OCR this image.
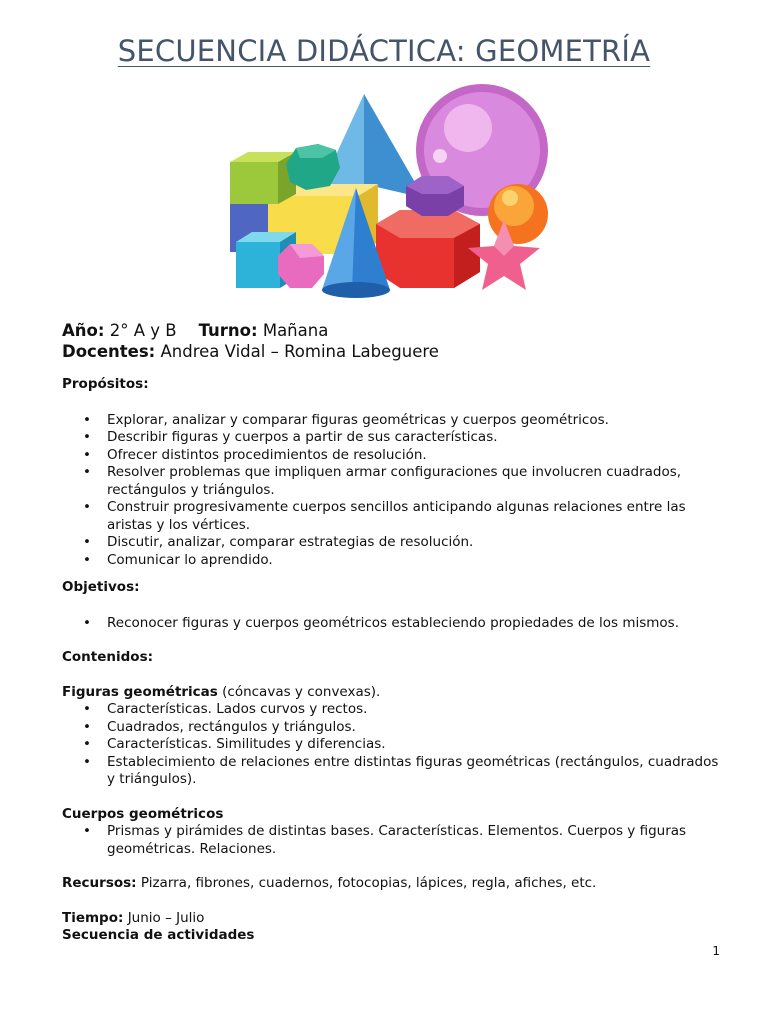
SECUENCIA DIDÁCTICA: GEOMETRÍA
Año: 2° A y B Turno: Mañana
Docentes: Andrea Vidal – Romina Labeguere
Propósitos:
• Explorar, analizar y comparar figuras geométricas y cuerpos geométricos.
• Describir figuras y cuerpos a partir de sus características.
• Ofrecer distintos procedimientos de resolución.
• Resolver problemas que impliquen armar configuraciones que involucren cuadrados, rectángulos y triángulos.
• Construir progresivamente cuerpos sencillos anticipando algunas relaciones entre las aristas y los vértices.
• Discutir, analizar, comparar estrategias de resolución.
• Comunicar lo aprendido.
Objetivos:
• Reconocer figuras y cuerpos geométricos estableciendo propiedades de los mismos.
Contenidos:
Figuras geométricas (cóncavas y convexas).
• Características. Lados curvos y rectos.
• Cuadrados, rectángulos y triángulos.
• Características. Similitudes y diferencias.
• Establecimiento de relaciones entre distintas figuras geométricas (rectángulos, cuadrados y triángulos).
Cuerpos geométricos
• Prismas y pirámides de distintas bases. Características. Elementos. Cuerpos y figuras geométricas. Relaciones.
Recursos: Pizarra, fibrones, cuadernos, fotocopias, lápices, regla, afiches, etc.
Tiempo: Junio – Julio
Secuencia de actividades
1
